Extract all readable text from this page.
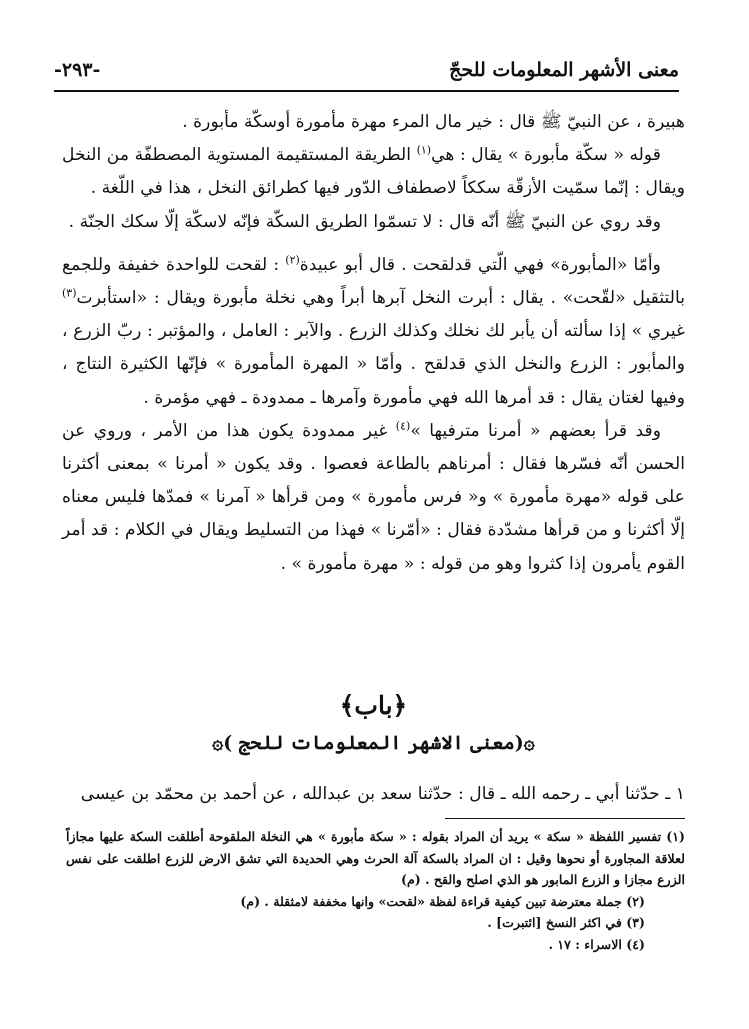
معنى الأشهر المعلومات للحجّ
-٢٩٣-

هبيرة ، عن النبيّ ﷺ قال : خير مال المرء مهرة مأمورة أوسكّة مأبورة .

قوله « سكّة مأبورة » يقال : هي$^{(١)}$ الطريقة المستقيمة المستوية المصطفّة من النخل ويقال : إنّما سمّيت الأزقّة سككاً لاصطفاف الدّور فيها كطرائق النخل ، هذا في اللّغة .

وقد روي عن النبيّ ﷺ أنّه قال : لا تسمّوا الطريق السكّة فإنّه لاسكّة إلّا سكك الجنّة .

وأمّا «المأبورة» فهي الّتي قدلقحت . قال أبو عبيدة$^{(٢)}$ : لقحت للواحدة خفيفة وللجمع بالتثقيل «لقّحت» . يقال : أبرت النخل آبرها أبراً وهي نخلة مأبورة ويقال : «استأبرت$^{(٣)}$ غيري » إذا سألته أن يأبر لك نخلك وكذلك الزرع . والآبر : العامل ، والمؤتبر : ربّ الزرع ، والمأبور : الزرع والنخل الذي قدلقح . وأمّا « المهرة المأمورة » فإنّها الكثيرة النتاج ، وفيها لغتان يقال : قد أمرها الله فهي مأمورة وآمرها ـ ممدودة ـ فهي مؤمرة .

وقد قرأ بعضهم « أمرنا مترفيها »$^{(٤)}$ غير ممدودة يكون هذا من الأمر ، وروي عن الحسن أنّه فسّرها فقال : أمرناهم بالطاعة فعصوا . وقد يكون « أمرنا » بمعنى أكثرنا على قوله «مهرة مأمورة » و« فرس مأمورة » ومن قرأها « آمرنا » فمدّها فليس معناه إلّا أكثرنا و من قرأها مشدّدة فقال : «أمّرنا » فهذا من التسليط ويقال في الكلام : قد أمر القوم يأمرون إذا كثروا وهو من قوله : « مهرة مأمورة » .

﴿باب﴾
۞(معنى الاشهر المعلومات للحج )۞
١ ـ حدّثنا أبي ـ رحمه الله ـ قال : حدّثنا سعد بن عبدالله ، عن أحمد بن محمّد بن عيسى

(١) تفسير اللفظة « سكة » يريد أن المراد بقوله : « سكة مأبورة » هي النخلة الملقوحة أطلقت السكة عليها مجازاً لعلاقة المجاورة أو نحوها وقيل : ان المراد بالسكة آلة الحرث وهي الحديدة التي تشق الارض للزرع اطلقت على نفس الزرع مجازا و الزرع المابور هو الذي اصلح والقح . (م)

(٢) جملة معترضة تبين كيفية قراءة لفظة «لقحت» وانها مخففة لامثقلة . (م)

(٣) في اكثر النسخ [ائتبرت] .

(٤) الاسراء : ١٧ .
